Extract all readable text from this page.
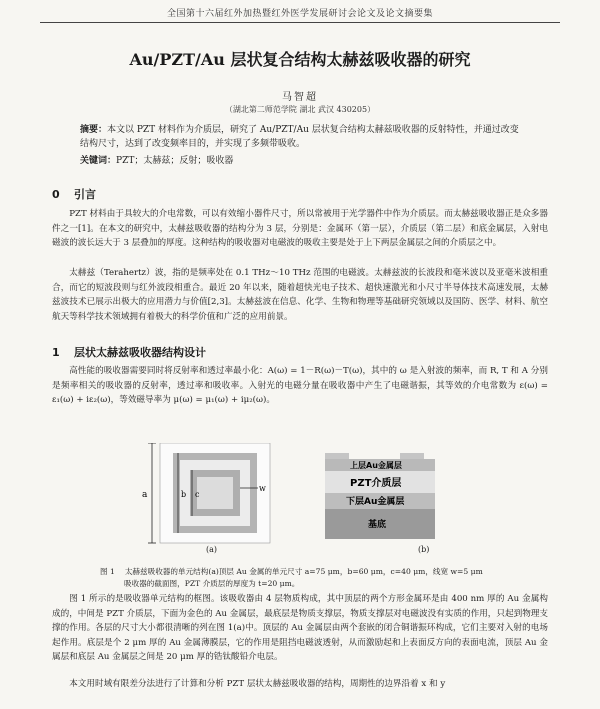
全国第十六届红外加热暨红外医学发展研讨会论文及论文摘要集
Au/PZT/Au 层状复合结构太赫兹吸收器的研究
马智超
（湖北第二师范学院 湖北 武汉 430205）
摘要：本文以 PZT 材料作为介质层，研究了 Au/PZT/Au 层状复合结构太赫兹吸收器的反射特性，并通过改变结构尺寸，达到了改变频率目的，并实现了多频带吸收。
关键词：PZT；太赫兹；反射；吸收器
0 引言
PZT 材料由于具较大的介电常数，可以有效缩小器件尺寸，所以常被用于光学器件中作为介质层。而太赫兹吸收器正是众多器件之一[1]。在本文的研究中，太赫兹吸收器的结构分为 3 层，分别是：金属环（第一层），介质层（第二层）和底金属层，入射电磁波的波长远大于 3 层叠加的厚度。这种结构的吸收器对电磁波的吸收主要是处于上下两层金属层之间的介质层之中。
太赫兹（Terahertz）波，指的是频率处在 0.1 THz～10 THz 范围的电磁波。太赫兹波的长波段和毫米波以及亚毫米波相重合，而它的短波段则与红外波段相重合。最近 20 年以来，随着超快光电子技术、超快速激光和小尺寸半导体技术高速发展，太赫兹波技术已展示出极大的应用潜力与价值[2,3]。太赫兹波在信息、化学、生物和物理等基础研究领域以及国防、医学、材料、航空航天等科学技术领域拥有着极大的科学价值和广泛的应用前景。
1 层状太赫兹吸收器结构设计
高性能的吸收器需要同时将反射率和透过率最小化：A(ω) = 1－R(ω)－T(ω)，其中的 ω 是入射波的频率，而 R, T 和 A 分别是频率相关的吸收器的反射率，透过率和吸收率。入射光的电磁分量在吸收器中产生了电磁谐振，其等效的介电常数为 ε(ω) = ε₁(ω) + iε₂(ω)，等效磁导率为 μ(ω) = μ₁(ω) + iμ₂(ω)。
a	b c
w
上层Au金属层
PZT介质层
下层Au金属层
基底
(a)	(b)
图 1 太赫兹吸收器的单元结构(a)顶层 Au 金属的单元尺寸 a=75 μm，b=60 μm，c=40 μm，线宽 w=5 μm
吸收器的截面图，PZT 介质层的厚度为 t=20 μm。
图 1 所示的是吸收器单元结构的框图。该吸收器由 4 层物质构成，其中顶层的两个方形金属环是由 400 nm 厚的 Au 金属构成的，中间是 PZT 介质层，下面为金色的 Au 金属层，最底层是物质支撑层，物质支撑层对电磁波没有实质的作用，只起到物理支撑的作用。各层的尺寸大小都很清晰的列在图 1(a)中。顶层的 Au 金属层由两个套嵌的闭合铜谐振环构成，它们主要对入射的电场起作用。底层是个 2 μm 厚的 Au 金属薄膜层，它的作用是阻挡电磁波透射，从而激励起和上表面反方向的表面电流，顶层 Au 金属层和底层 Au 金属层之间是 20 μm 厚的锆钛酸铅介电层。
本文用时域有限差分法进行了计算和分析 PZT 层状太赫兹吸收器的结构，周期性的边界沿着 x 和 y
